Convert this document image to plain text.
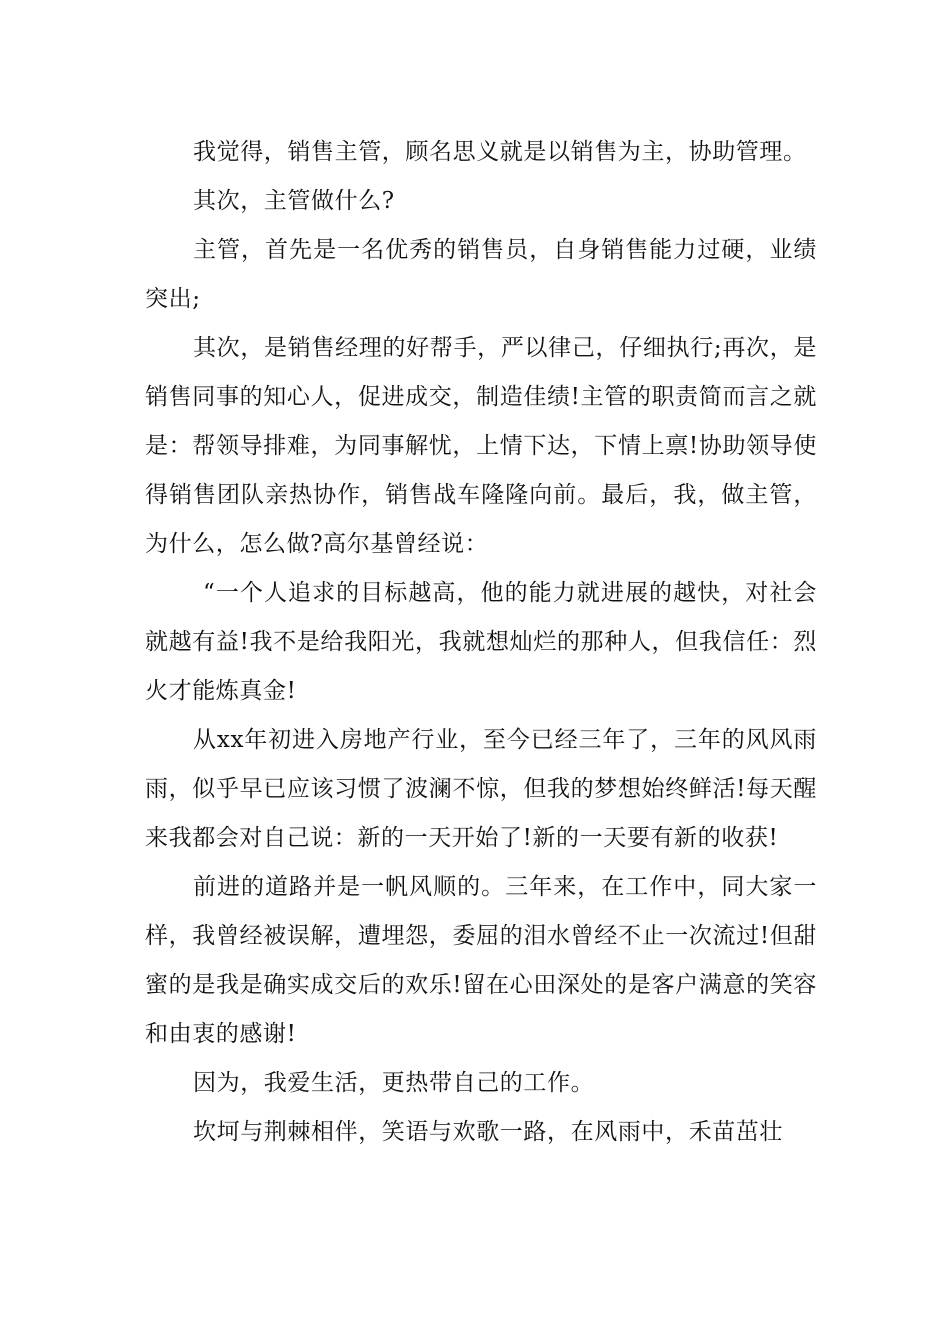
我觉得，销售主管，顾名思义就是以销售为主，协助管理。

其次，主管做什么?

主管，首先是一名优秀的销售员，自身销售能力过硬，业绩突出;

其次，是销售经理的好帮手，严以律己，仔细执行;再次，是销售同事的知心人，促进成交，制造佳绩!主管的职责简而言之就是：帮领导排难，为同事解忧，上情下达，下情上禀!协助领导使得销售团队亲热协作，销售战车隆隆向前。最后，我，做主管，为什么，怎么做?高尔基曾经说：

“一个人追求的目标越高，他的能力就进展的越快，对社会就越有益!我不是给我阳光，我就想灿烂的那种人，但我信任：烈火才能炼真金!

从xx年初进入房地产行业，至今已经三年了，三年的风风雨雨，似乎早已应该习惯了波澜不惊，但我的梦想始终鲜活!每天醒来我都会对自己说：新的一天开始了!新的一天要有新的收获!

前进的道路并是一帆风顺的。三年来，在工作中，同大家一样，我曾经被误解，遭埋怨，委屈的泪水曾经不止一次流过!但甜蜜的是我是确实成交后的欢乐!留在心田深处的是客户满意的笑容和由衷的感谢!

因为，我爱生活，更热带自己的工作。

坎坷与荆棘相伴，笑语与欢歌一路，在风雨中，禾苗茁壮
